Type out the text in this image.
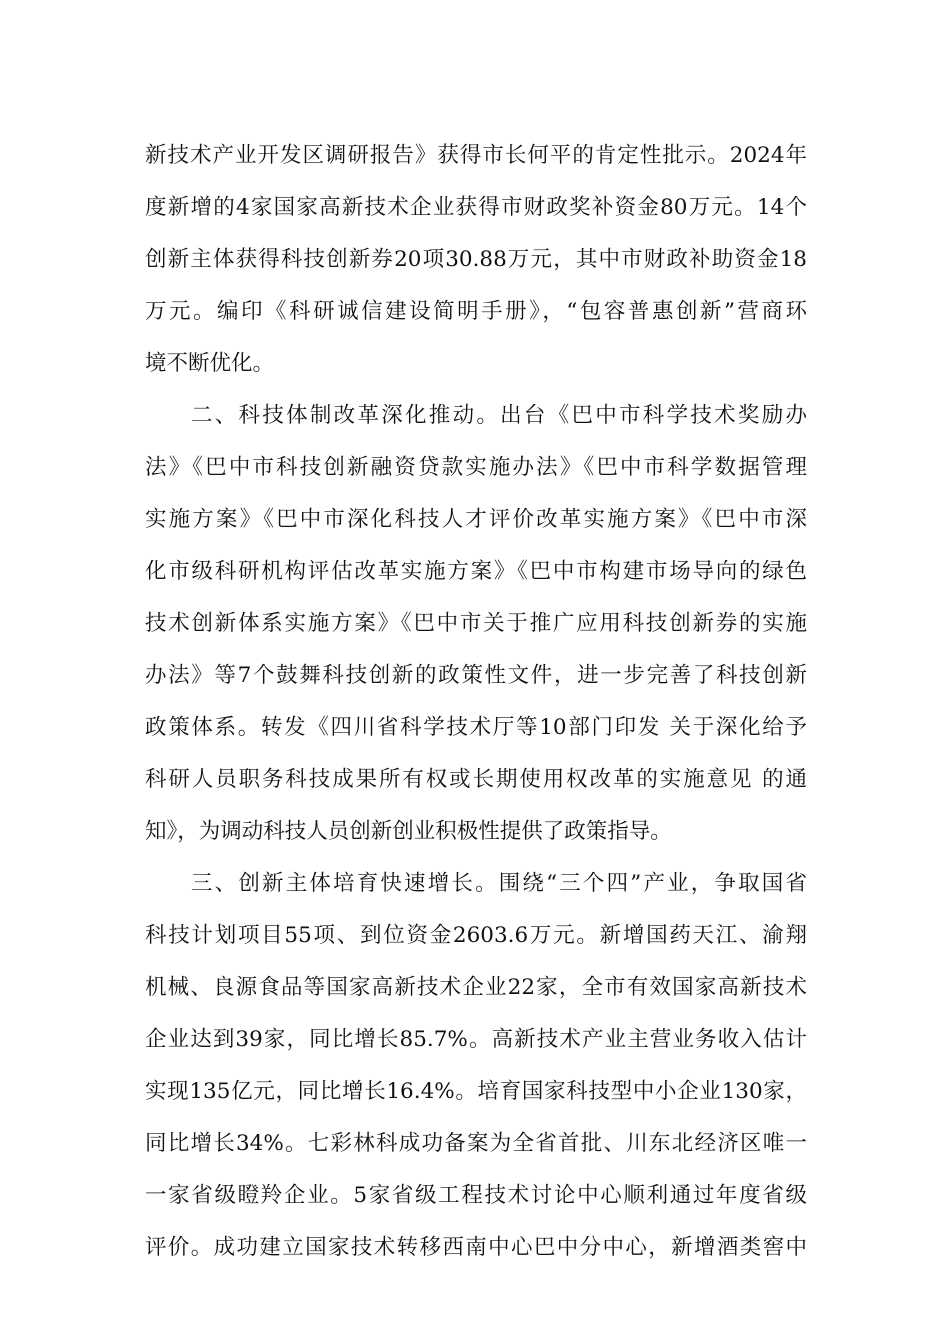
新技术产业开发区调研报告》获得市长何平的肯定性批示。2024年
度新增的4家国家高新技术企业获得市财政奖补资金80万元。14个
创新主体获得科技创新券20项30.88万元，其中市财政补助资金18
万元。编印《科研诚信建设简明手册》，“包容普惠创新”营商环
境不断优化。
二、科技体制改革深化推动。出台《巴中市科学技术奖励办
法》《巴中市科技创新融资贷款实施办法》《巴中市科学数据管理
实施方案》《巴中市深化科技人才评价改革实施方案》《巴中市深
化市级科研机构评估改革实施方案》《巴中市构建市场导向的绿色
技术创新体系实施方案》《巴中市关于推广应用科技创新券的实施
办法》等7个鼓舞科技创新的政策性文件，进一步完善了科技创新
政策体系。转发《四川省科学技术厅等10部门印发 关于深化给予
科研人员职务科技成果所有权或长期使用权改革的实施意见 的通
知》，为调动科技人员创新创业积极性提供了政策指导。
三、创新主体培育快速增长。围绕“三个四”产业，争取国省
科技计划项目55项、到位资金2603.6万元。新增国药天江、渝翔
机械、良源食品等国家高新技术企业22家，全市有效国家高新技术
企业达到39家，同比增长85.7%。高新技术产业主营业务收入估计
实现135亿元，同比增长16.4%。培育国家科技型中小企业130家，
同比增长34%。七彩林科成功备案为全省首批、川东北经济区唯一
一家省级瞪羚企业。5家省级工程技术讨论中心顺利通过年度省级
评价。成功建立国家技术转移西南中心巴中分中心，新增酒类窖中
